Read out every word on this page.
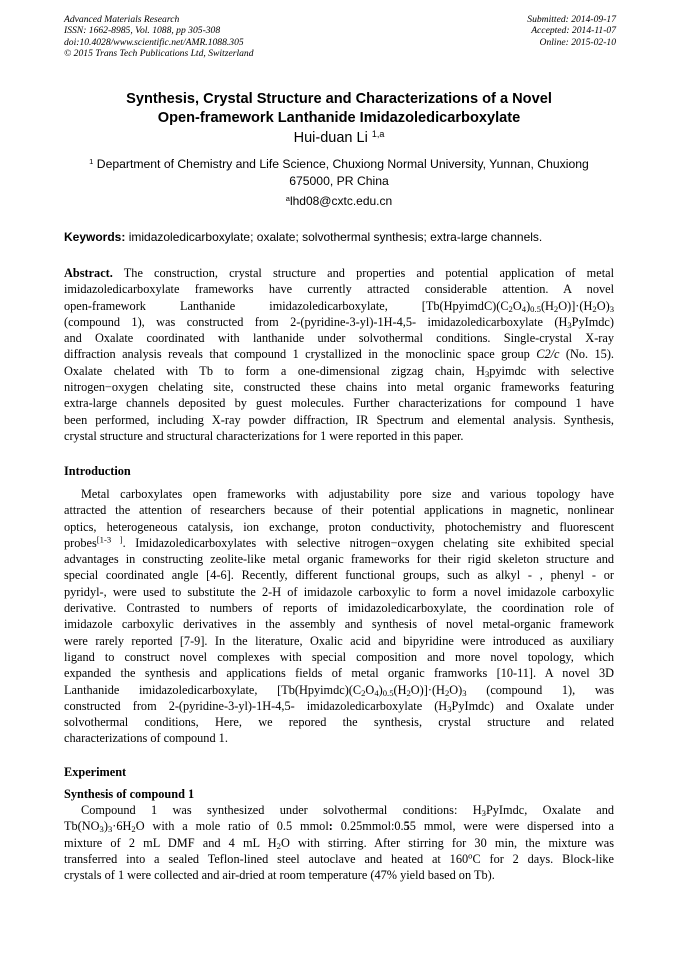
Advanced Materials Research
ISSN: 1662-8985, Vol. 1088, pp 305-308
doi:10.4028/www.scientific.net/AMR.1088.305
© 2015 Trans Tech Publications Ltd, Switzerland
Submitted: 2014-09-17
Accepted: 2014-11-07
Online: 2015-02-10
Synthesis, Crystal Structure and Characterizations of a Novel
Open-framework Lanthanide Imidazoledicarboxylate
Hui-duan Li $^{1,a}$
$^1$ Department of Chemistry and Life Science, Chuxiong Normal University, Yunnan, Chuxiong
675000, PR China
$^a$lhd08@cxtc.edu.cn
Keywords: imidazoledicarboxylate; oxalate; solvothermal synthesis; extra-large channels.
Abstract. The construction, crystal structure and properties and potential application of metal
imidazoledicarboxylate frameworks have currently attracted considerable attention. A novel
open-framework Lanthanide imidazoledicarboxylate, $[Tb(HpyimdC)(C_2O_4)_{0.5}(H_2O)]\cdot(H_2O)_3$
(compound 1), was constructed from 2-(pyridine-3-yl)-1H-4,5- imidazoledicarboxylate $(H_3PyImdc)$
and Oxalate coordinated with lanthanide under solvothermal conditions. Single-crystal X-ray
diffraction analysis reveals that compound 1 crystallized in the monoclinic space group C2/c (No. 15).
Oxalate chelated with Tb to form a one-dimensional zigzag chain, $H_3pyimdc$ with selective
nitrogen−oxygen chelating site, constructed these chains into metal organic frameworks featuring
extra-large channels deposited by guest molecules. Further characterizations for compound 1 have
been performed, including X-ray powder diffraction, IR Spectrum and elemental analysis. Synthesis,
crystal structure and structural characterizations for 1 were reported in this paper.
Introduction
Metal carboxylates open frameworks with adjustability pore size and various topology have
attracted the attention of researchers because of their potential applications in magnetic, nonlinear
optics, heterogeneous catalysis, ion exchange, proton conductivity, photochemistry and fluorescent
probes[1-3 ]. Imidazoledicarboxylates with selective nitrogen−oxygen chelating site exhibited special
advantages in constructing zeolite-like metal organic frameworks for their rigid skeleton structure and
special coordinated angle [4-6]. Recently, different functional groups, such as alkyl - , phenyl - or
pyridyl-, were used to substitute the 2-H of imidazole carboxylic to form a novel imidazole carboxylic
derivative. Contrasted to numbers of reports of imidazoledicarboxylate, the coordination role of
imidazole carboxylic derivatives in the assembly and synthesis of novel metal-organic framework
were rarely reported [7-9]. In the literature, Oxalic acid and bipyridine were introduced as auxiliary
ligand to construct novel complexes with special composition and more novel topology, which
expanded the synthesis and applications fields of metal organic framworks [10-11]. A novel 3D
Lanthanide imidazoledicarboxylate, $[Tb(Hpyimdc)(C_2O_4)_{0.5}(H_2O)]\cdot(H_2O)_3$ (compound 1), was
constructed from 2-(pyridine-3-yl)-1H-4,5- imidazoledicarboxylate $(H_3PyImdc)$ and Oxalate under
solvothermal conditions, Here, we repored the synthesis, crystal structure and related
characterizations of compound 1.
Experiment
Synthesis of compound 1
Compound 1 was synthesized under solvothermal conditions: $H_3PyImdc$, Oxalate and
$Tb(NO_3)_3\cdot 6H_2O$ with a mole ratio of 0.5 mmol: 0.25mmol:0.55 mmol, were were dispersed into a
mixture of 2 mL DMF and 4 mL $H_2O$ with stirring. After stirring for 30 min, the mixture was
transferred into a sealed Teflon-lined steel autoclave and heated at 160$^o$C for 2 days. Block-like
crystals of 1 were collected and air-dried at room temperature (47% yield based on Tb).
